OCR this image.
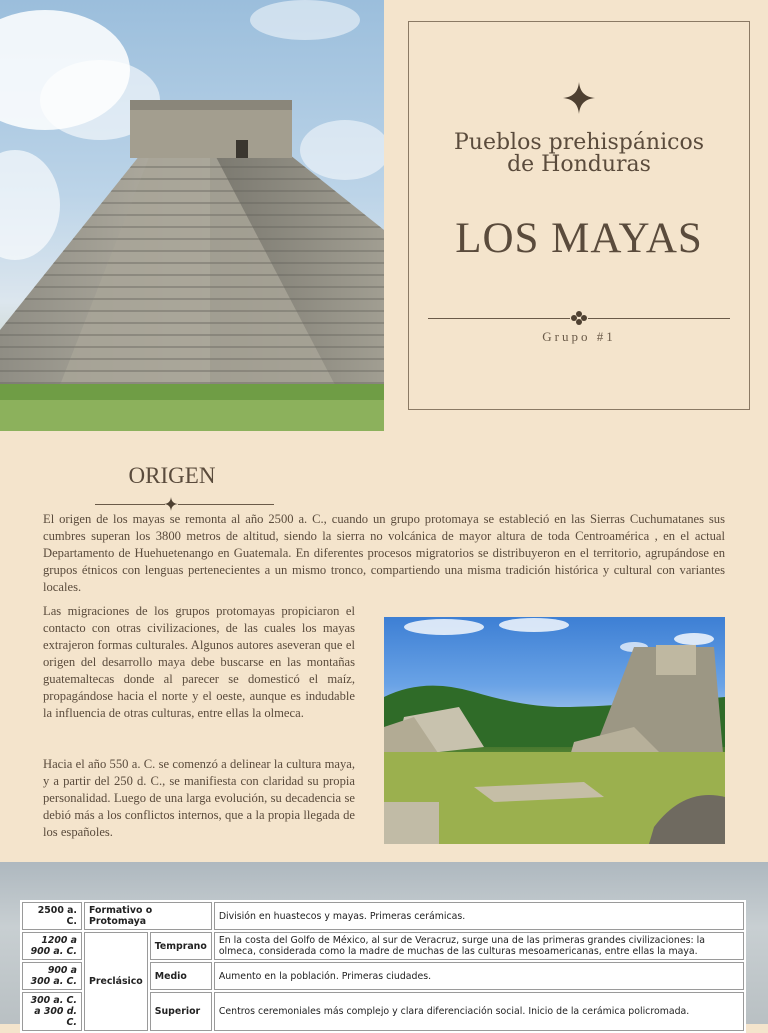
Pueblos prehispánicos
de Honduras
LOS MAYAS
Grupo #1
ORIGEN
El origen de los mayas se remonta al año 2500 a. C., cuando un grupo protomaya se estableció en las Sierras Cuchumatanes sus cumbres superan los 3800 metros de altitud, siendo la sierra no volcánica de mayor altura de toda Centroamérica , en el actual Departamento de Huehuetenango en Guatemala. En diferentes procesos migratorios se distribuyeron en el territorio, agrupándose en grupos étnicos con lenguas pertenecientes a un mismo tronco, compartiendo una misma tradición histórica y cultural con variantes locales.
Las migraciones de los grupos protomayas propiciaron el contacto con otras civilizaciones, de las cuales los mayas extrajeron formas culturales. Algunos autores aseveran que el origen del desarrollo maya debe buscarse en las montañas guatemaltecas donde al parecer se domesticó el maíz, propagándose hacia el norte y el oeste, aunque es indudable la influencia de otras culturas, entre ellas la olmeca.
Hacia el año 550 a. C. se comenzó a delinear la cultura maya, y a partir del 250 d. C., se manifiesta con claridad su propia personalidad. Luego de una larga evolución, su decadencia se debió más a los conflictos internos, que a la propia llegada de los españoles.
2500 a. C.	Formativo o Protomaya		División en huastecos y mayas. Primeras cerámicas.
1200 a 900 a. C.	Preclásico	Temprano	En la costa del Golfo de México, al sur de Veracruz, surge una de las primeras grandes civilizaciones: la olmeca, considerada como la madre de muchas de las culturas mesoamericanas, entre ellas la maya.
900 a 300 a. C.		Medio	Aumento en la población. Primeras ciudades.
300 a. C. a 300 d. C.		Superior	Centros ceremoniales más complejo y clara diferenciación social. Inicio de la cerámica policromada.
